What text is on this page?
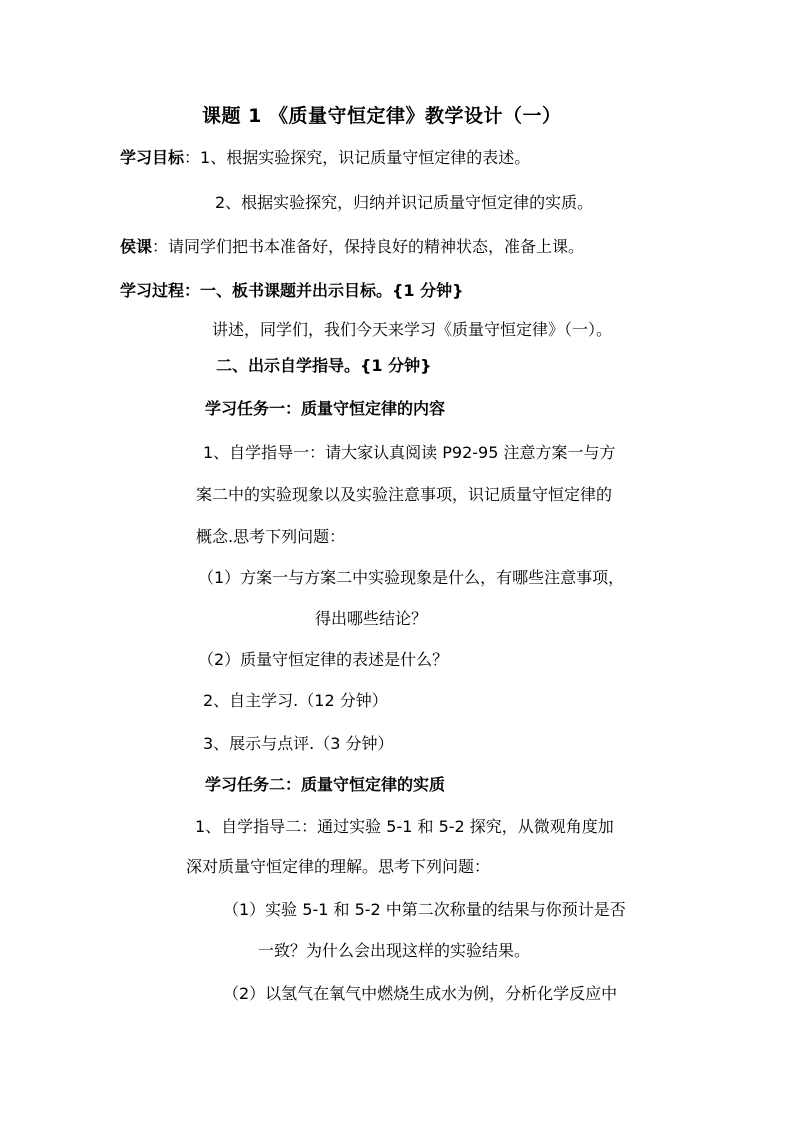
课题 1 《质量守恒定律》教学设计（一）
学习目标：1、根据实验探究，识记质量守恒定律的表述。
2、根据实验探究，归纳并识记质量守恒定律的实质。
侯课：请同学们把书本准备好，保持良好的精神状态，准备上课。
学习过程：一、板书课题并出示目标。{1 分钟}
讲述，同学们，我们今天来学习《质量守恒定律》（一）。
二、出示自学指导。{1 分钟}
学习任务一：质量守恒定律的内容
1、自学指导一：请大家认真阅读 P92-95 注意方案一与方
案二中的实验现象以及实验注意事项，识记质量守恒定律的
概念.思考下列问题：
（1）方案一与方案二中实验现象是什么，有哪些注意事项，
得出哪些结论？
（2）质量守恒定律的表述是什么？
2、自主学习.（12 分钟）
3、展示与点评.（3 分钟）
学习任务二：质量守恒定律的实质
1、自学指导二：通过实验 5-1 和 5-2 探究，从微观角度加
深对质量守恒定律的理解。思考下列问题：
（1）实验 5-1 和 5-2 中第二次称量的结果与你预计是否
一致？为什么会出现这样的实验结果。
（2）以氢气在氧气中燃烧生成水为例，分析化学反应中
